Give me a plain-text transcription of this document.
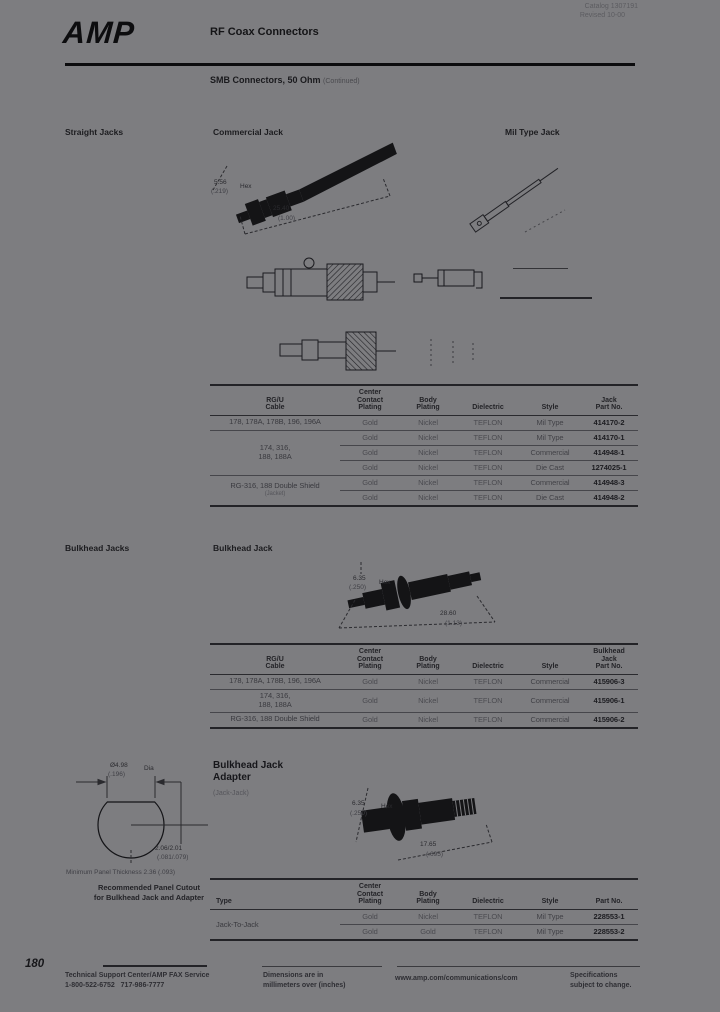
Catalog 1307191
Revised 10-00
AMP	RF Coax Connectors
SMB Connectors, 50 Ohm (Continued)
Straight Jacks	Commercial Jack	Mil Type Jack
5.56
(.219)
Hex
25.40
(1.00)
RG/U
Cable	Center
Contact
Plating	Body
Plating	Dielectric	Style	Jack
Part No.

178, 178A, 178B, 196, 196A	Gold	Nickel	TEFLON	Mil Type	414170-2

174, 316,
188, 188A	Gold	Nickel	TEFLON	Mil Type	414170-1
	Gold	Nickel	TEFLON	Commercial	414948-1
	Gold	Nickel	TEFLON	Die Cast	1274025-1

RG-316, 188 Double Shield
(Jacket)	Gold	Nickel	TEFLON	Commercial	414948-3
	Gold	Nickel	TEFLON	Die Cast	414948-2
Bulkhead Jacks	Bulkhead Jack
6.35
(.250)
Hex
28.60
(1.13)
RG/U
Cable	Center
Contact
Plating	Body
Plating	Dielectric	Style	Bulkhead
Jack
Part No.

178, 178A, 178B, 196, 196A	Gold	Nickel	TEFLON	Commercial	415906-3

174, 316,
188, 188A	Gold	Nickel	TEFLON	Commercial	415906-1

RG-316, 188 Double Shield	Gold	Nickel	TEFLON	Commercial	415906-2
Bulkhead Jack
Adapter
(Jack-Jack)
Ø4.98	Dia
(.196)
2.06/2.01
(.081/.079)
Minimum Panel Thickness 2.36 (.093)
Recommended Panel Cutout
for Bulkhead Jack and Adapter
6.35
(.250)
Hex
17.65
(.695)
Type	Center
Contact
Plating	Body
Plating	Dielectric	Style	Part No.

Jack-To-Jack	Gold	Nickel	TEFLON	Mil Type	228553-1
	Gold	Gold	TEFLON	Mil Type	228553-2
180
Technical Support Center/AMP FAX Service
1-800-522-6752   717-986-7777
Dimensions are in
millimeters over (inches)
www.amp.com/communications/com	Specifications
subject to change.
